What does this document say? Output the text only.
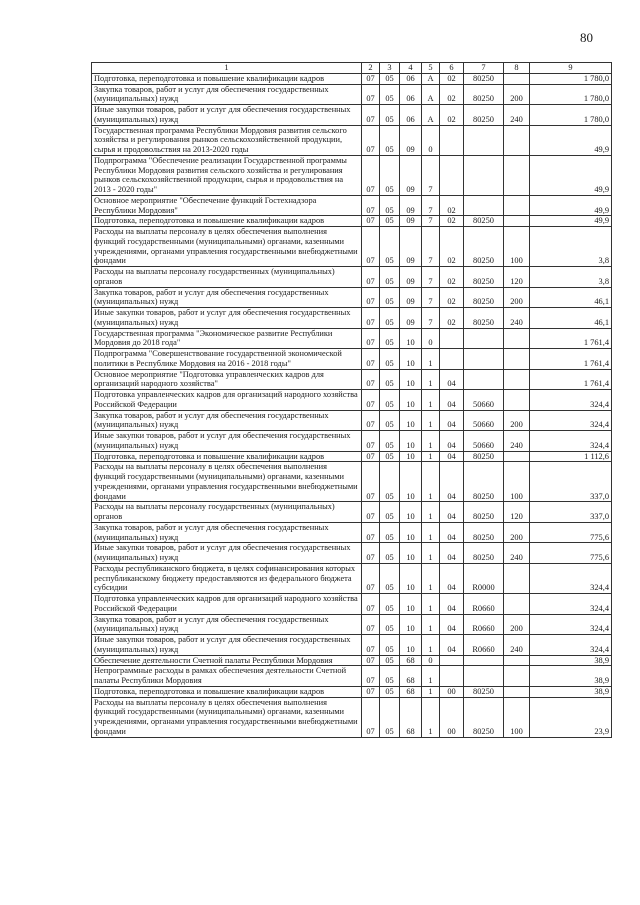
80
1	2	3	4	5	6	7	8	9
Подготовка, переподготовка и повышение квалификации кадров	07	05	06	А	02	80250		1 780,0
Закупка товаров, работ и услуг для обеспечения государственных (муниципальных) нужд	07	05	06	А	02	80250	200	1 780,0
Иные закупки товаров, работ и услуг для обеспечения государственных (муниципальных) нужд	07	05	06	А	02	80250	240	1 780,0
Государственная программа Республики Мордовия развития сельского хозяйства и регулирования рынков сельскохозяйственной продукции, сырья и продовольствия на 2013-2020 годы	07	05	09	0				49,9
Подпрограмма "Обеспечение реализации Государственной программы Республики Мордовия развития сельского хозяйства и регулирования рынков сельскохозяйственной продукции, сырья и продовольствия на 2013 - 2020 годы"	07	05	09	7				49,9
Основное мероприятие "Обеспечение функций Гостехнадзора Республики Мордовия"	07	05	09	7	02			49,9
Подготовка, переподготовка и повышение квалификации кадров	07	05	09	7	02	80250		49,9
Расходы на выплаты персоналу в целях обеспечения выполнения функций государственными (муниципальными) органами, казенными учреждениями, органами управления государственными внебюджетными фондами	07	05	09	7	02	80250	100	3,8
Расходы на выплаты персоналу государственных (муниципальных) органов	07	05	09	7	02	80250	120	3,8
Закупка товаров, работ и услуг для обеспечения государственных (муниципальных) нужд	07	05	09	7	02	80250	200	46,1
Иные закупки товаров, работ и услуг для обеспечения государственных (муниципальных) нужд	07	05	09	7	02	80250	240	46,1
Государственная программа "Экономическое развитие Республики Мордовия до 2018 года"	07	05	10	0				1 761,4
Подпрограмма "Совершенствование государственной экономической политики в Республике Мордовия на 2016 - 2018 годы"	07	05	10	1				1 761,4
Основное мероприятие "Подготовка управленческих кадров для организаций народного хозяйства"	07	05	10	1	04			1 761,4
Подготовка управленческих кадров для организаций народного хозяйства Российской Федерации	07	05	10	1	04	50660		324,4
Закупка товаров, работ и услуг для обеспечения государственных (муниципальных) нужд	07	05	10	1	04	50660	200	324,4
Иные закупки товаров, работ и услуг для обеспечения государственных (муниципальных) нужд	07	05	10	1	04	50660	240	324,4
Подготовка, переподготовка и повышение квалификации кадров	07	05	10	1	04	80250		1 112,6
Расходы на выплаты персоналу в целях обеспечения выполнения функций государственными (муниципальными) органами, казенными учреждениями, органами управления государственными внебюджетными фондами	07	05	10	1	04	80250	100	337,0
Расходы на выплаты персоналу государственных (муниципальных) органов	07	05	10	1	04	80250	120	337,0
Закупка товаров, работ и услуг для обеспечения государственных (муниципальных) нужд	07	05	10	1	04	80250	200	775,6
Иные закупки товаров, работ и услуг для обеспечения государственных (муниципальных) нужд	07	05	10	1	04	80250	240	775,6
Расходы республиканского бюджета, в целях софинансирования которых республиканскому бюджету предоставляются из федерального бюджета субсидии	07	05	10	1	04	R0000		324,4
Подготовка управленческих кадров для организаций народного хозяйства Российской Федерации	07	05	10	1	04	R0660		324,4
Закупка товаров, работ и услуг для обеспечения государственных (муниципальных) нужд	07	05	10	1	04	R0660	200	324,4
Иные закупки товаров, работ и услуг для обеспечения государственных (муниципальных) нужд	07	05	10	1	04	R0660	240	324,4
Обеспечение деятельности Счетной палаты Республики Мордовия	07	05	68	0				38,9
Непрограммные расходы в рамках обеспечения деятельности Счетной палаты Республики Мордовия	07	05	68	1				38,9
Подготовка, переподготовка и повышение квалификации кадров	07	05	68	1	00	80250		38,9
Расходы на выплаты персоналу в целях обеспечения выполнения функций государственными (муниципальными) органами, казенными учреждениями, органами управления государственными внебюджетными фондами	07	05	68	1	00	80250	100	23,9
